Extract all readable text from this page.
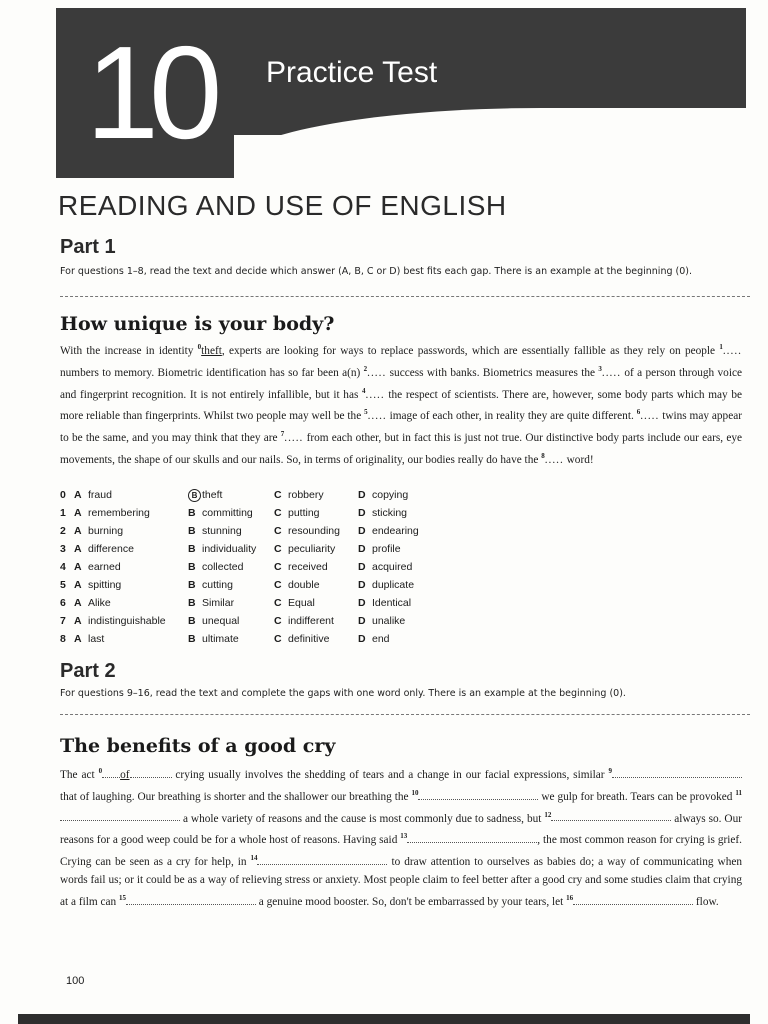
10	Practice Test
READING AND USE OF ENGLISH
Part 1
For questions 1–8, read the text and decide which answer (A, B, C or D) best fits each gap. There is an example at the beginning (0).
How unique is your body?
With the increase in identity $^0$theft, experts are looking for ways to replace passwords, which are essentially fallible as they rely on people $^1$..... numbers to memory. Biometric identification has so far been a(n) $^2$..... success with banks. Biometrics measures the $^3$..... of a person through voice and fingerprint recognition. It is not entirely infallible, but it has $^4$..... the respect of scientists. There are, however, some body parts which may be more reliable than fingerprints. Whilst two people may well be the $^5$..... image of each other, in reality they are quite different. $^6$..... twins may appear to be the same, and you may think that they are $^7$..... from each other, but in fact this is just not true. Our distinctive body parts include our ears, eye movements, the shape of our skulls and our nails. So, in terms of originality, our bodies really do have the $^8$..... word!
0	A	fraud	B	theft	C	robbery	D	copying
1	A	remembering	B	committing	C	putting	D	sticking
2	A	burning	B	stunning	C	resounding	D	endearing
3	A	difference	B	individuality	C	peculiarity	D	profile
4	A	earned	B	collected	C	received	D	acquired
5	A	spitting	B	cutting	C	double	D	duplicate
6	A	Alike	B	Similar	C	Equal	D	Identical
7	A	indistinguishable	B	unequal	C	indifferent	D	unalike
8	A	last	B	ultimate	C	definitive	D	end
Part 2
For questions 9–16, read the text and complete the gaps with one word only. There is an example at the beginning (0).
The benefits of a good cry
The act $^0$ of	crying usually involves the shedding of tears and a change in our facial expressions, similar $^9$ that of laughing. Our breathing is shorter and the shallower our breathing the $^{10}$	we gulp for breath. Tears can be provoked $^{11}$ a whole variety of reasons and the cause is most commonly due to sadness, but $^{12}$	always so. Our reasons for a good weep could be for a whole host of reasons. Having said $^{13}$	, the most common reason for crying is grief. Crying can be seen as a cry for help, in $^{14}$	to draw attention to ourselves as babies do; a way of communicating when words fail us; or it could be as a way of relieving stress or anxiety. Most people claim to feel better after a good cry and some studies claim that crying at a film can $^{15}$	a genuine mood booster. So, don't be embarrassed by your tears, let $^{16}$	flow.
100
